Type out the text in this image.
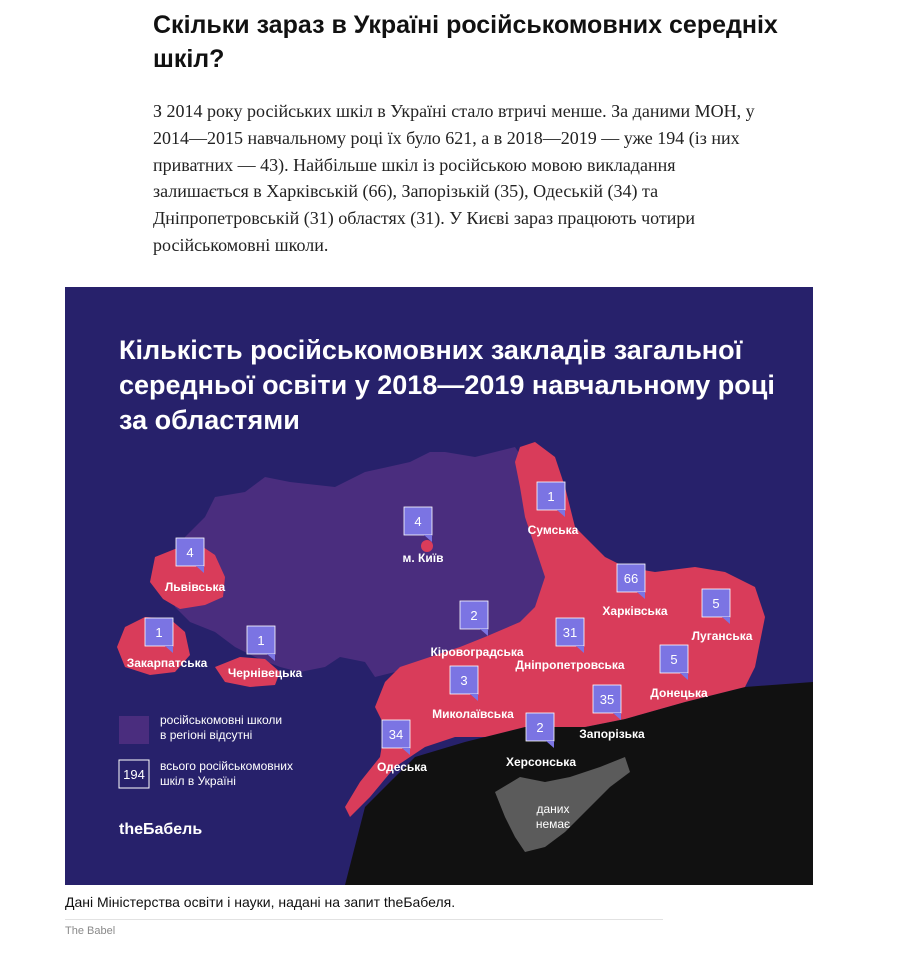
Скільки зараз в Україні російськомовних середніх
шкіл?

З 2014 року російських шкіл в Україні стало втричі менше. За даними МОН, у
2014—2015 навчальному році їх було 621, а в 2018—2019 — уже 194 (із них
приватних — 43). Найбільше шкіл із російською мовою викладання
залишається в Харківській (66), Запорізькій (35), Одеській (34) та
Дніпропетровській (31) областях (31). У Києві зараз працюють чотири
російськомовні школи.

даних
немає
Кількість російськомовних закладів загальної
середньої освіти у 2018—2019 навчальному році
за областями
4
Львівська
1
Закарпатська
1
Чернівецька
4
м. Київ
1
Сумська
66
Харківська	5
Луганська
2
Кіровоградська
31
Дніпропетровська	5
Донецька
3
Миколаївська
35
Запорізька
34
Одеська
2
Херсонська
російськомовні школи
в регіоні відсутні
194
всього російськомовних
шкіл в Україні
theБабель

Дані Міністерства освіти і науки, надані на запит theБабеля.

The Babel
